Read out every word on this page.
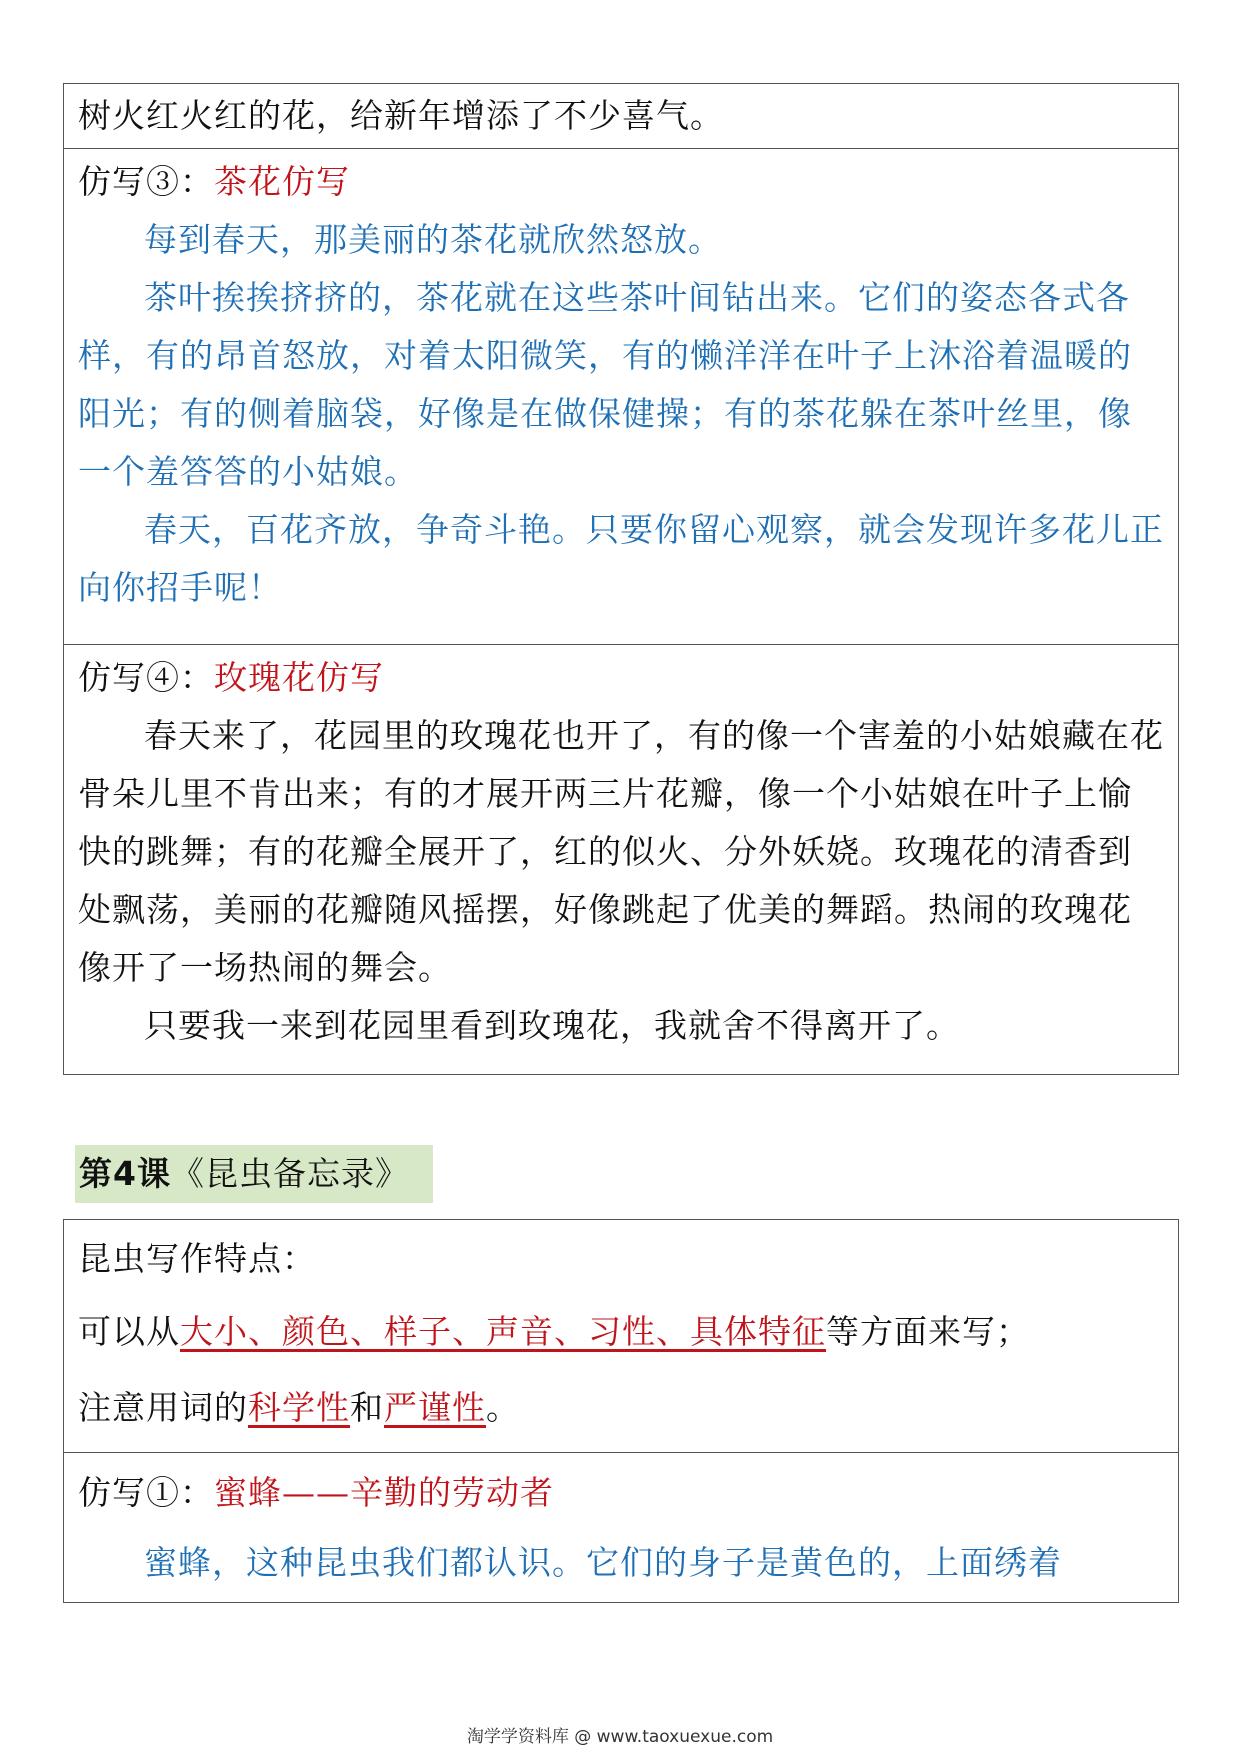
树火红火红的花，给新年增添了不少喜气。
仿写③：茶花仿写

每到春天，那美丽的茶花就欣然怒放。

茶叶挨挨挤挤的，茶花就在这些茶叶间钻出来。它们的姿态各式各样，有的昂首怒放，对着太阳微笑，有的懒洋洋在叶子上沐浴着温暖的阳光；有的侧着脑袋，好像是在做保健操；有的茶花躲在茶叶丝里，像一个羞答答的小姑娘。

春天，百花齐放，争奇斗艳。只要你留心观察，就会发现许多花儿正向你招手呢！

仿写④：玫瑰花仿写

春天来了，花园里的玫瑰花也开了，有的像一个害羞的小姑娘藏在花骨朵儿里不肯出来；有的才展开两三片花瓣，像一个小姑娘在叶子上愉快的跳舞；有的花瓣全展开了，红的似火、分外妖娆。玫瑰花的清香到处飘荡，美丽的花瓣随风摇摆，好像跳起了优美的舞蹈。热闹的玫瑰花像开了一场热闹的舞会。

只要我一来到花园里看到玫瑰花，我就舍不得离开了。

第4课《昆虫备忘录》
昆虫写作特点：
可以从大小、颜色、样子、声音、习性、具体特征等方面来写；
注意用词的科学性和严谨性。
仿写①：蜜蜂——辛勤的劳动者

蜜蜂，这种昆虫我们都认识。它们的身子是黄色的，上面绣着

淘学学资料库 @ www.taoxuexue.com
